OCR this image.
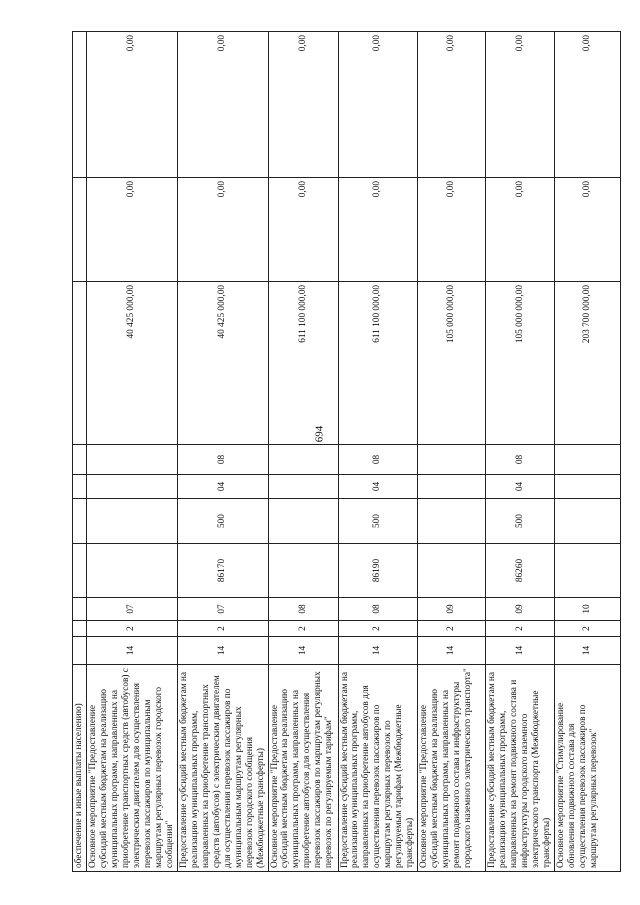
694
обеспечение и иные выплаты населению)										
Основное мероприятие "Предоставление субсидий местным бюджетам на реализацию муниципальных программ, направленных на приобретение транспортных средств (автобусов) с электрическим двигателем для осуществления перевозок пассажиров по муниципальным маршрутам регулярных перевозок городского сообщения"	14	2	07					40 425 000,00	0,00	0,00
Предоставление субсидий местным бюджетам на реализацию муниципальных программ, направленных на приобретение транспортных средств (автобусов) с электрическим двигателем для осуществления перевозок пассажиров по муниципальным маршрутам регулярных перевозок городского сообщения (Межбюджетные трансферты)	14	2	07	86170	500	04	08	40 425 000,00	0,00	0,00
Основное мероприятие "Предоставление субсидий местным бюджетам на реализацию муниципальных программ, направленных на приобретение автобусов для осуществления перевозок пассажиров по маршрутам регулярных перевозок по регулируемым тарифам"	14	2	08					611 100 000,00	0,00	0,00
Предоставление субсидий местным бюджетам на реализацию муниципальных программ, направленных на приобретение автобусов для осуществления перевозок пассажиров по маршрутам регулярных перевозок по регулируемым тарифам (Межбюджетные трансферты)	14	2	08	86190	500	04	08	611 100 000,00	0,00	0,00
Основное мероприятие "Предоставление субсидий местным бюджетам на реализацию муниципальных программ, направленных на ремонт подвижного состава и инфраструктуры городского наземного электрического транспорта"	14	2	09					105 000 000,00	0,00	0,00
Предоставление субсидий местным бюджетам на реализацию муниципальных программ, направленных на ремонт подвижного состава и инфраструктуры городского наземного электрического транспорта (Межбюджетные трансферты)	14	2	09	86260	500	04	08	105 000 000,00	0,00	0,00
Основное мероприятие "Стимулирование обновления подвижного состава для осуществления перевозок пассажиров по маршрутам регулярных перевозок"	14	2	10					203 700 000,00	0,00	0,00
